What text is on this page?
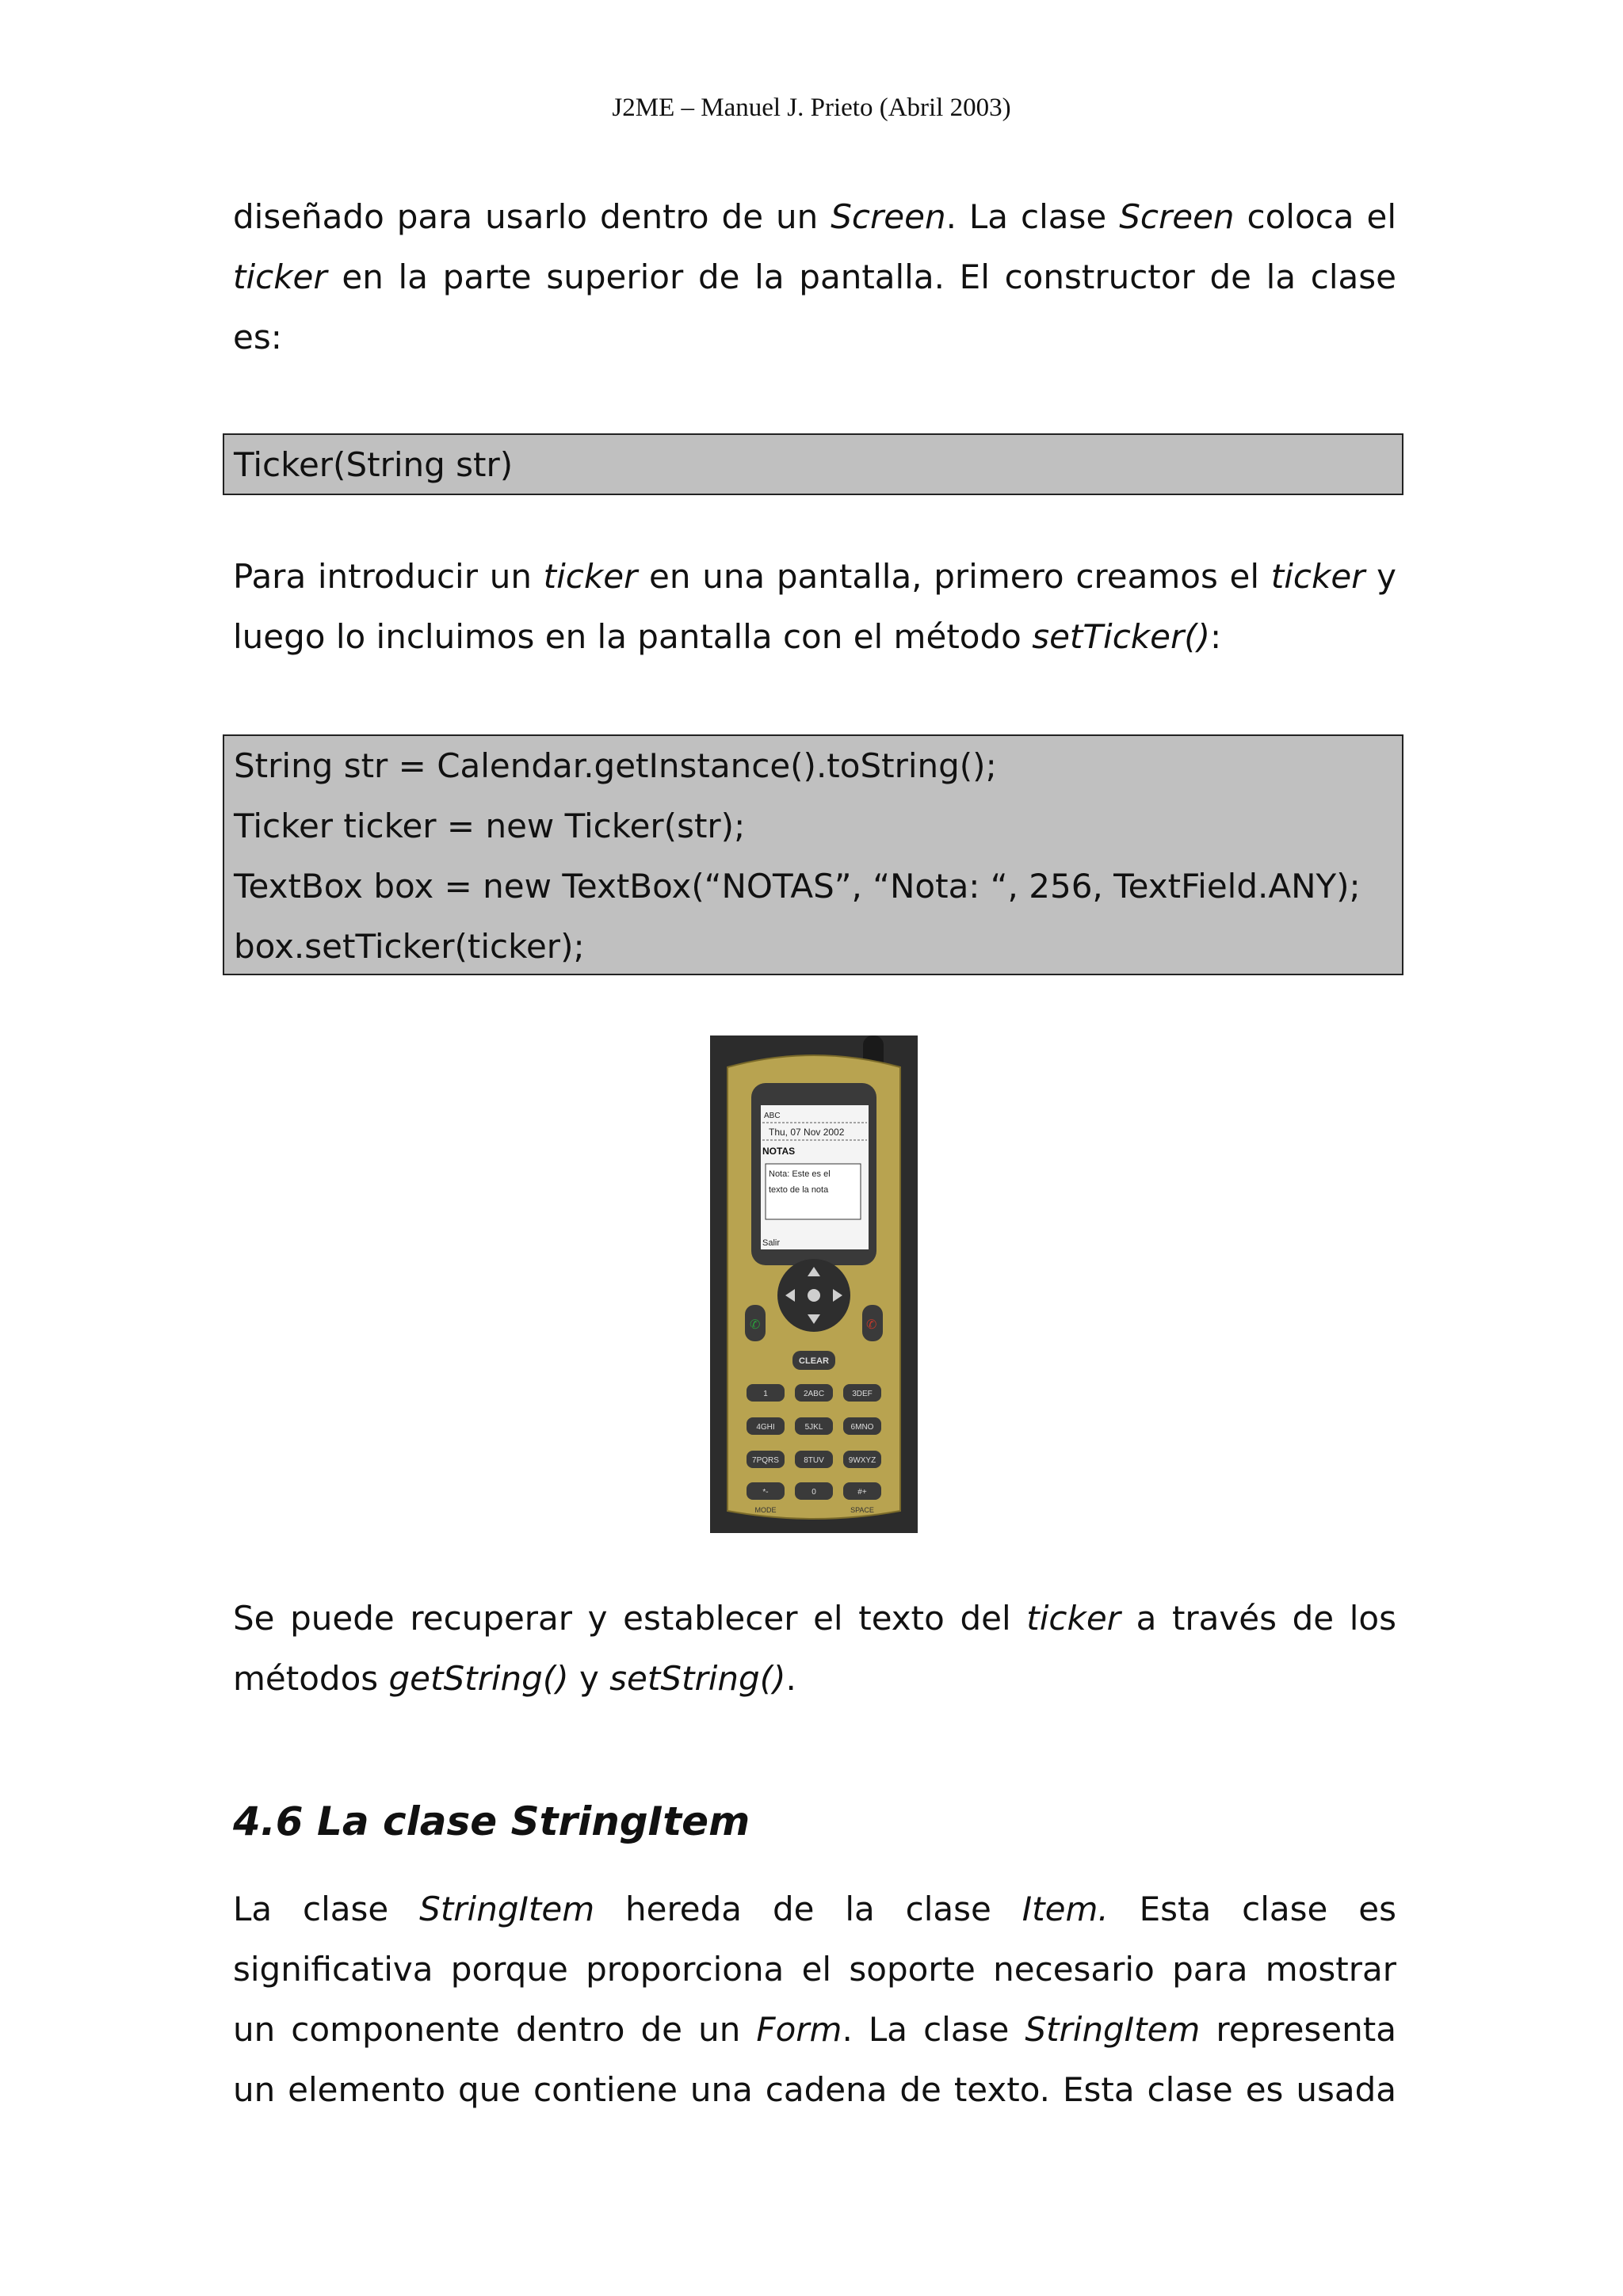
J2ME – Manuel J. Prieto (Abril 2003)

diseñado para usarlo dentro de un Screen. La clase Screen coloca el ticker en la parte superior de la pantalla. El constructor de la clase es:

Ticker(String str)

Para introducir un ticker en una pantalla, primero creamos el ticker y luego lo incluimos en la pantalla con el método setTicker():

String str = Calendar.getInstance().toString();
Ticker ticker = new Ticker(str);
TextBox box = new TextBox(“NOTAS”, “Nota: “, 256, TextField.ANY);
box.setTicker(ticker);
ABC
Thu, 07 Nov 2002
NOTAS
Nota: Este es el
texto de la nota
Salir
✆	✆
CLEAR
1	2ABC	3DEF
4GHI	5JKL	6MNO
7PQRS	8TUV	9WXYZ
*-	0	#+
MODE	SPACE

Se puede recuperar y establecer el texto del ticker a través de los métodos getString() y setString().

4.6 La clase StringItem

La clase StringItem hereda de la clase Item. Esta clase es significativa porque proporciona el soporte necesario para mostrar un componente dentro de un Form. La clase StringItem representa un elemento que contiene una cadena de texto. Esta clase es usada
